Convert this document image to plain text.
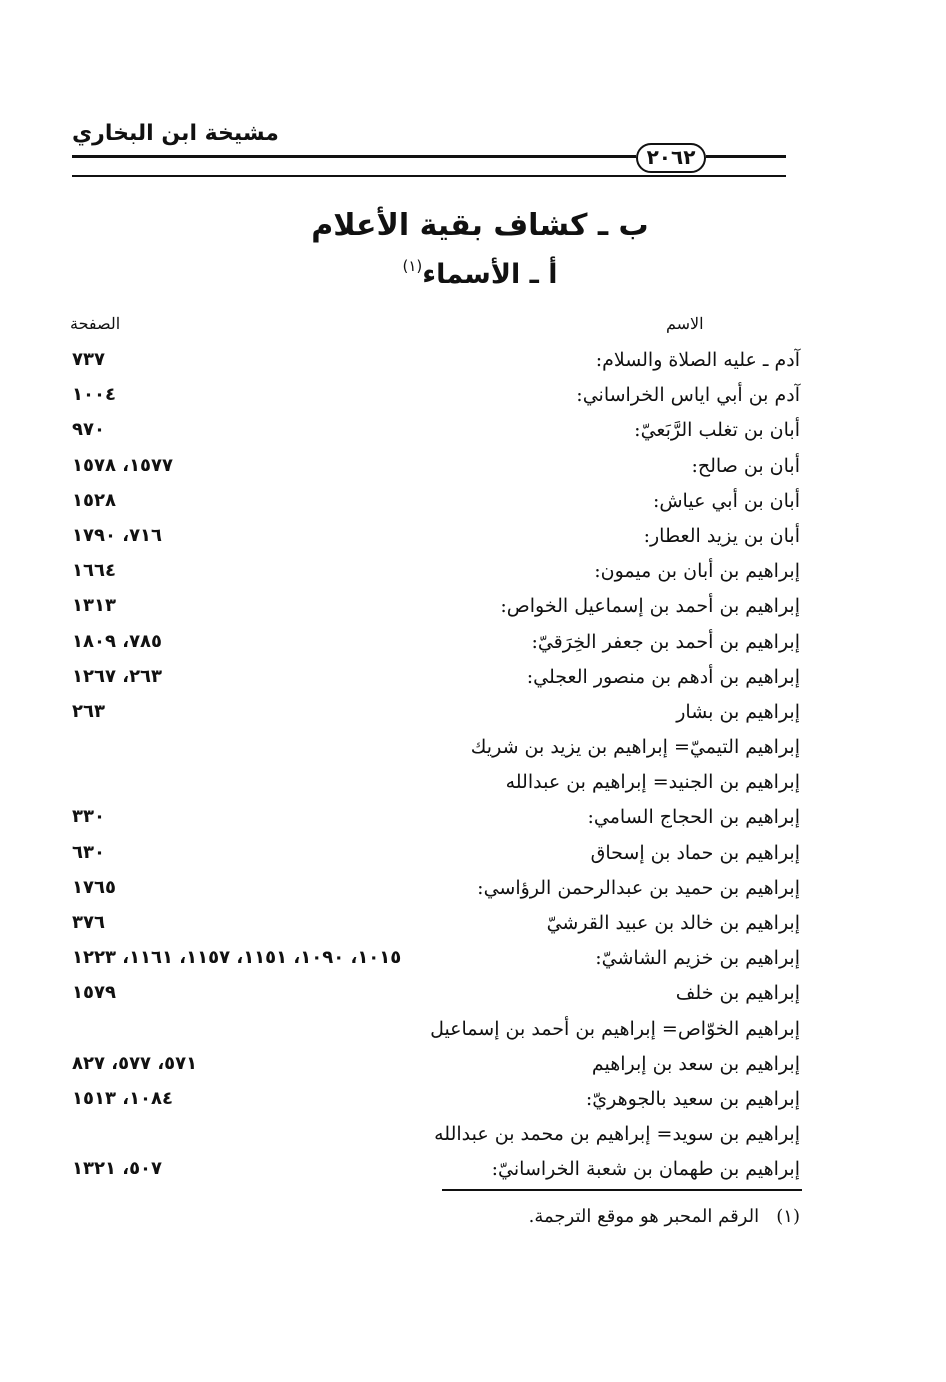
مشيخة ابن البخاري
٢٠٦٢
ب ـ كشاف بقية الأعلام
أ ـ الأسماء$^{(١)}$
الاسم
الصفحة
آدم ـ عليه الصلاة والسلام:
٧٣٧
آدم بن أبي اياس الخراساني:
١٠٠٤
أبان بن تغلب الرَّبَعيّ:
٩٧٠
أبان بن صالح:
١٥٧٧، ١٥٧٨
أبان بن أبي عياش:
١٥٢٨
أبان بن يزيد العطار:
٧١٦، ١٧٩٠
إبراهيم بن أبان بن ميمون:
١٦٦٤
إبراهيم بن أحمد بن إسماعيل الخواص:
١٣١٣
إبراهيم بن أحمد بن جعفر الخِرَقيّ:
٧٨٥، ١٨٠٩
إبراهيم بن أدهم بن منصور العجلي:
٢٦٣، ١٢٦٧
إبراهيم بن بشار
٢٦٣
إبراهيم التيميّ= إبراهيم بن يزيد بن شريك
إبراهيم بن الجنيد= إبراهيم بن عبدالله
إبراهيم بن الحجاج السامي:
٣٣٠
إبراهيم بن حماد بن إسحاق
٦٣٠
إبراهيم بن حميد بن عبدالرحمن الرؤاسي:
١٧٦٥
إبراهيم بن خالد بن عبيد القرشيّ
٣٧٦
إبراهيم بن خزيم الشاشيّ:
١٠١٥، ١٠٩٠، ١١٥١، ١١٥٧، ١١٦١، ١٢٢٣
إبراهيم بن خلف
١٥٧٩
إبراهيم الخوّاص= إبراهيم بن أحمد بن إسماعيل
إبراهيم بن سعد بن إبراهيم
٥٧١، ٥٧٧، ٨٢٧
إبراهيم بن سعيد بالجوهريّ:
١٠٨٤، ١٥١٣
إبراهيم بن سويد= إبراهيم بن محمد بن عبدالله
إبراهيم بن طهمان بن شعبة الخراسانيّ:
٥٠٧، ١٣٢١
(١)   الرقم المحبر هو موقع الترجمة.
